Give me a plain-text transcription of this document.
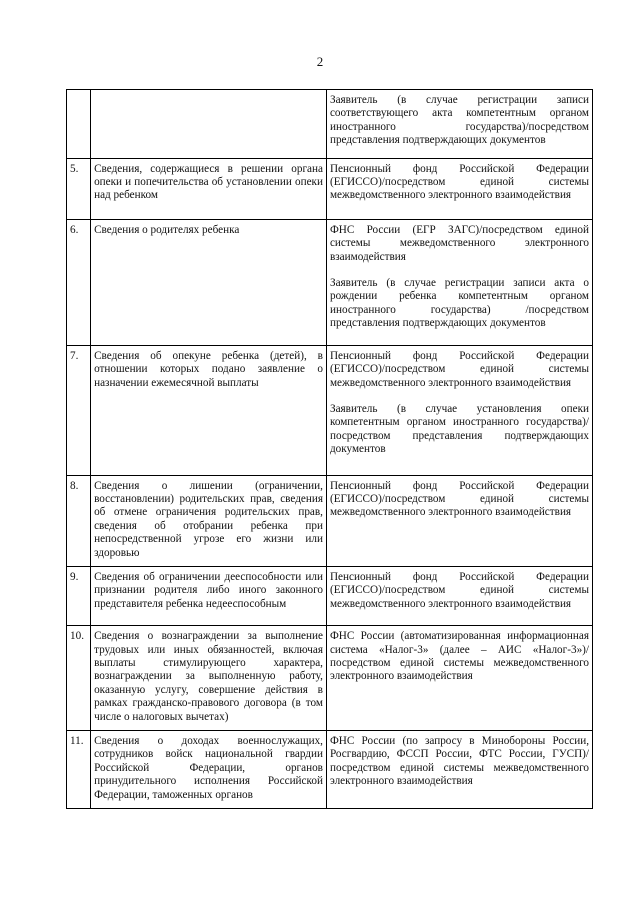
2

		Заявитель (в случае регистрации записи соответствующего акта компетентным органом иностранного государства)/посредством представления подтверждающих документов

5.	Сведения, содержащиеся в решении органа опеки и попечительства об установлении опеки над ребенком	Пенсионный фонд Российской Федерации (ЕГИССО)/посредством единой системы межведомственного электронного взаимодействия

6.	Сведения о родителях ребенка	ФНС России (ЕГР ЗАГС)/посредством единой системы межведомственного электронного взаимодействия

Заявитель (в случае регистрации записи акта о рождении ребенка компетентным органом иностранного государства) /посредством представления подтверждающих документов

7.	Сведения об опекуне ребенка (детей), в отношении которых подано заявление о назначении ежемесячной выплаты	Пенсионный фонд Российской Федерации (ЕГИССО)/посредством единой системы межведомственного электронного взаимодействия

Заявитель (в случае установления опеки компетентным органом иностранного государства)/посредством представления подтверждающих документов

8.	Сведения о лишении (ограничении, восстановлении) родительских прав, сведения об отмене ограничения родительских прав, сведения об отобрании ребенка при непосредственной угрозе его жизни или здоровью	Пенсионный фонд Российской Федерации (ЕГИССО)/посредством единой системы межведомственного электронного взаимодействия

9.	Сведения об ограничении дееспособности или признании родителя либо иного законного представителя ребенка недееспособным	Пенсионный фонд Российской Федерации (ЕГИССО)/посредством единой системы межведомственного электронного взаимодействия

10.	Сведения о вознаграждении за выполнение трудовых или иных обязанностей, включая выплаты стимулирующего характера, вознаграждении за выполненную работу, оказанную услугу, совершение действия в рамках гражданско-правового договора (в том числе о налоговых вычетах)	ФНС России (автоматизированная информационная система «Налог-3» (далее – АИС «Налог-3»)/ посредством единой системы межведомственного электронного взаимодействия

11.	Сведения о доходах военнослужащих, сотрудников войск национальной гвардии Российской Федерации, органов принудительного исполнения Российской Федерации, таможенных органов	ФНС России (по запросу в Минобороны России, Росгвардию, ФССП России, ФТС России, ГУСП)/посредством единой системы межведомственного электронного взаимодействия
